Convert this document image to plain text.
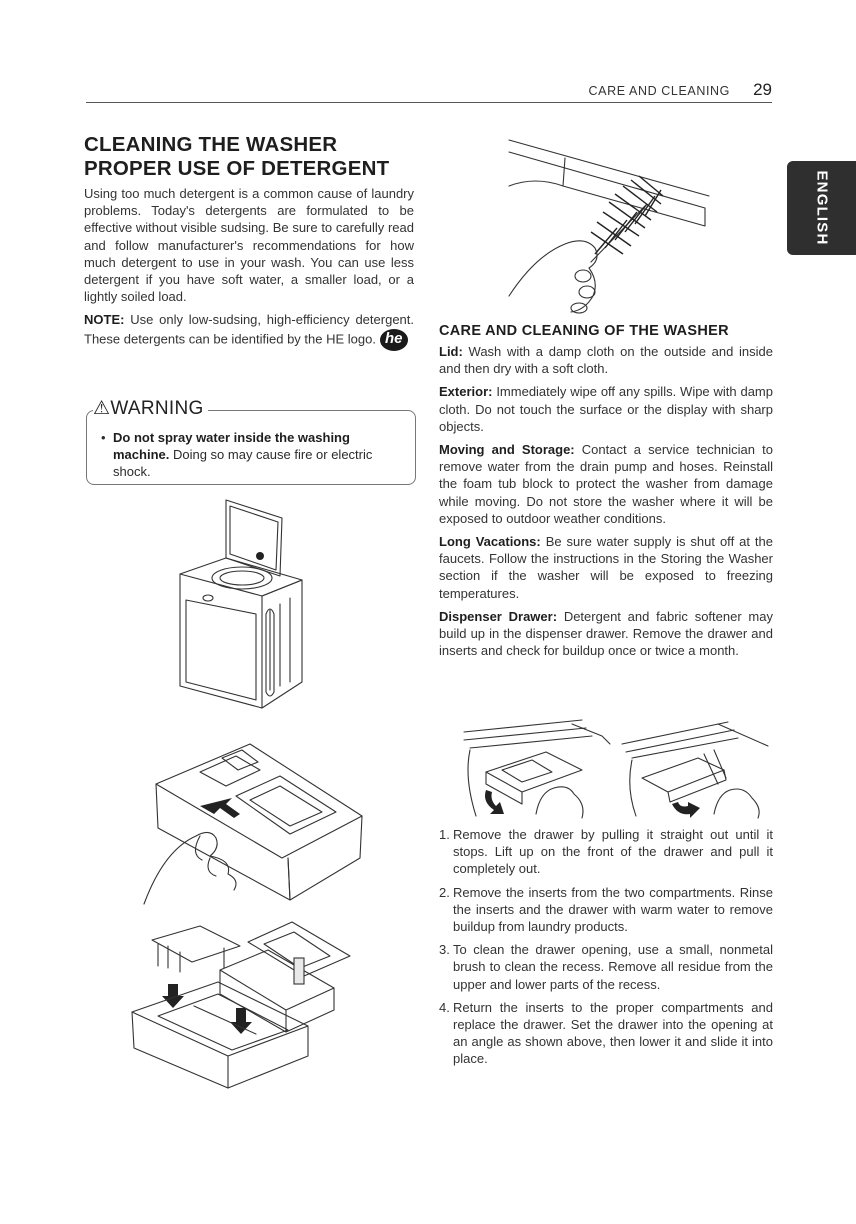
CARE AND CLEANING 29
ENGLISH
CLEANING THE WASHER
PROPER USE OF DETERGENT

Using too much detergent is a common cause of laundry problems. Today's detergents are formulated to be effective without visible sudsing. Be sure to carefully read and follow manufacturer's recommendations for how much detergent to use in your wash. You can use less detergent if you have soft water, a smaller load, or a lightly soiled load.

NOTE: Use only low-sudsing, high-efficiency detergent. These detergents can be identified by the HE logo.he

⚠WARNING
• Do not spray water inside the washing machine. Doing so may cause fire or electric shock.
CARE AND CLEANING OF THE WASHER

Lid: Wash with a damp cloth on the outside and inside and then dry with a soft cloth.

Exterior: Immediately wipe off any spills. Wipe with damp cloth. Do not touch the surface or the display with sharp objects.

Moving and Storage: Contact a service technician to remove water from the drain pump and hoses. Reinstall the foam tub block to protect the washer from damage while moving. Do not store the washer where it will be exposed to outdoor weather conditions.

Long Vacations: Be sure water supply is shut off at the faucets. Follow the instructions in the Storing the Washer section if the washer will be exposed to freezing temperatures.

Dispenser Drawer: Detergent and fabric softener may build up in the dispenser drawer. Remove the drawer and inserts and check for buildup once or twice a month.

1. Remove the drawer by pulling it straight out until it stops. Lift up on the front of the drawer and pull it completely out.
2. Remove the inserts from the two compartments. Rinse the inserts and the drawer with warm water to remove buildup from laundry products.
3. To clean the drawer opening, use a small, nonmetal brush to clean the recess. Remove all residue from the upper and lower parts of the recess.
4. Return the inserts to the proper compartments and replace the drawer. Set the drawer into the opening at an angle as shown above, then lower it and slide it into place.
